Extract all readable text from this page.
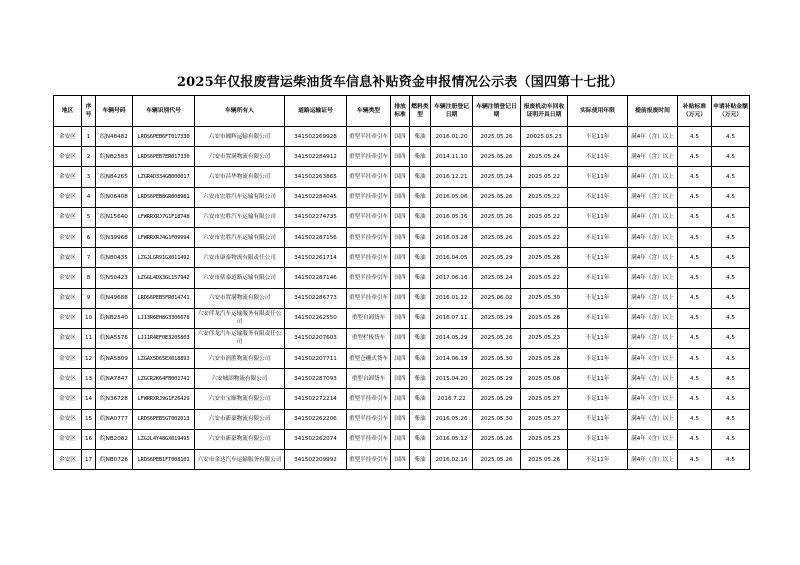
2025年仅报废营运柴油货车信息补贴资金申报情况公示表（国四第十七批）
地区	序号	车辆号码	车辆识别代号	车辆所有人	道路运输证号	车辆类型	排放标准	燃料类型	车辆注册登记日期	车辆注销登记日期	报废机动车回收证明开具日期	实际使用年限	提前报废时间	补贴标准（万元）	申请补贴金额（万元）
金安区	1	皖N48482	LRDS6PEB6FT017330	六安市湘辉运输有限公司	341502269928	重型半挂牵引车	国四	柴油	2016.01.20	2025.05.26	20025.05.23	不足11年	满4年（含）以上	4.5	4.5
金安区	2	皖NB2583	LRDS6PEB7ER017330	六安市置满物流有限公司	341502284912	重型半挂牵引车	国四	柴油	2014.11.10	2025.05.26	2025.05.24	不足11年	满4年（含）以上	4.5	4.5
金安区	3	皖N84265	LZGR4D334GB000017	六安市昌华物流有限公司	341502263865	重型半挂牵引车	国四	柴油	2016.12.21	2025.05.24	2025.05.22	不足11年	满4年（含）以上	4.5	4.5
金安区	4	皖N06408	LRDS6PEB8GR008981	六安市宏胜汽车运输有限公司	341502284045	重型半挂牵引车	国四	柴油	2016.05.06	2025.05.26	2025.05.22	不足11年	满4年（含）以上	4.5	4.5
金安区	5	皖N15640	LFWRRXRJ7G1F18748	六安市宏胜汽车运输有限公司	341502274735	重型半挂牵引车	国四	柴油	2016.05.16	2025.05.26	2025.05.22	不足11年	满4年（含）以上	4.5	4.5
金安区	6	皖N39968	LFWRRXRJ4G1F09994	六安市宏胜汽车运输有限公司	341502287156	重型半挂牵引车	国四	柴油	2016.03.28	2025.05.26	2025.05.22	不足11年	满4年（含）以上	4.5	4.5
金安区	7	皖N80435	LZGJLGR91GX011492	六安市康泰物流有限责任公司	341502261714	重型半挂牵引车	国四	柴油	2016.04.05	2025.05.29	2025.05.28	不足11年	满4年（含）以上	4.5	4.5
金安区	8	皖N50423	LZGGL4DX3GL157942	六安市俵泰道路运输有限公司	341502287146	重型半挂牵引车	国四	柴油	2017.06.16	2025.05.24	2025.05.22	不足11年	满4年（含）以上	4.5	4.5
金安区	9	皖N49688	LRDS6PEB5FR014741	六安市置满物流有限公司	341502286773	重型半挂牵引车	国四	柴油	2016.01.12	2025.06.02	2025.05.30	不足11年	满4年（含）以上	4.5	4.5
金安区	10	皖NB2540	LJ13R6EH8G3306678	六安伴龙汽车运输服务有限责任公司	341502262550	重型自卸货车	国四	柴油	2016.07.11	2025.05.29	2025.05.28	不足11年	满4年（含）以上	4.5	4.5
金安区	11	皖NA5576	LJ11R4EF0E3205803	六安伴龙汽车运输服务有限责任公司	341502207603	重型栏板货车	国四	柴油	2014.05.29	2025.05.26	2025.05.23	不足11年	满4年（含）以上	4.5	4.5
金安区	12	皖NA5809	LZGAX5D65EX018893	六安市润胜物流有限公司	341502207711	重型仓栅式货车	国四	柴油	2014.06.19	2025.05.30	2025.05.28	不足11年	满4年（含）以上	4.5	4.5
金安区	13	皖NA7847	LZGCR2K64FB001741	六安城固物流有限公司	341502287093	重型自卸货车	国四	柴油	2015.04.20	2025.05.29	2025.05.08	不足11年	满4年（含）以上	4.5	4.5
金安区	14	皖N36728	LFWRRXRJ9G1F26429	六安市宝顺物流有限公司	341502272214	重型半挂牵引车	国四	柴油	2016.7.22	2025.05.29	2025.05.27	不足11年	满4年（含）以上	4.5	4.5
金安区	15	皖NA0777	LRDS6PEB5GT002013	六安市新豪物流有限公司	341502262206	重型半挂牵引车	国四	柴油	2016.05.26	2025.05.30	2025.05.27	不足11年	满4年（含）以上	4.5	4.5
金安区	16	皖NB2082	LZGJL4Y48GX019495	六安市新豪物流有限公司	341502262074	重型半挂牵引车	国四	柴油	2016.05.12	2025.05.26	2025.05.23	不足11年	满4年（含）以上	4.5	4.5
金安区	17	皖NB0726	LRDS6PEB1FT008101	六安市金达汽车运输服务有限公司	341502209992	重型半挂牵引车	国四	柴油	2016.02.16	2025.05.26	2025.05.26	不足11年	满4年（含）以上	4.5	4.5
